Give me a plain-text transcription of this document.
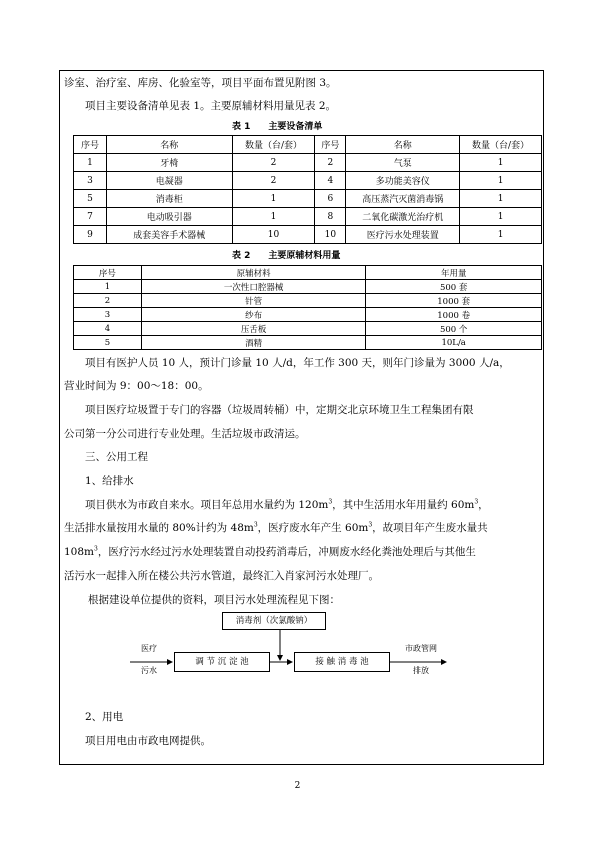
诊室、治疗室、库房、化验室等，项目平面布置见附图 3。
项目主要设备清单见表 1。主要原辅材料用量见表 2。
表 1　　主要设备清单
序号	名称	数量（台/套）	序号	名称	数量（台/套）
1	牙椅	2	2	气泵	1
3	电凝器	2	4	多功能美容仪	1
5	消毒柜	1	6	高压蒸汽灭菌消毒锅	1
7	电动吸引器	1	8	二氧化碳激光治疗机	1
9	成套美容手术器械	10	10	医疗污水处理装置	1
表 2　　主要原辅材料用量
序号	原辅材料	年用量
1	一次性口腔器械	500 套
2	针管	1000 套
3	纱布	1000 卷
4	压舌板	500 个
5	酒精	10L/a
项目有医护人员 10 人，预计门诊量 10 人/d，年工作 300 天，则年门诊量为 3000 人/a，
营业时间为 9：00～18：00。
项目医疗垃圾置于专门的容器（垃圾周转桶）中，定期交北京环境卫生工程集团有限
公司第一分公司进行专业处理。生活垃圾市政清运。
三、公用工程
1、给排水
项目供水为市政自来水。项目年总用水量约为 $120m^3$，其中生活用水年用量约 $60m^3$，
生活排水量按用水量的 80%计约为 $48m^3$，医疗废水年产生 $60m^3$，故项目年产生废水量共
$108m^3$，医疗污水经过污水处理装置自动投药消毒后，冲厕废水经化粪池处理后与其他生
活污水一起排入所在楼公共污水管道，最终汇入肖家河污水处理厂。
根据建设单位提供的资料，项目污水处理流程见下图：
消毒剂（次氯酸钠）
调 节 沉 淀 池	接 触 消 毒 池
医疗
污水
市政管网
排放
2、用电
项目用电由市政电网提供。
2
